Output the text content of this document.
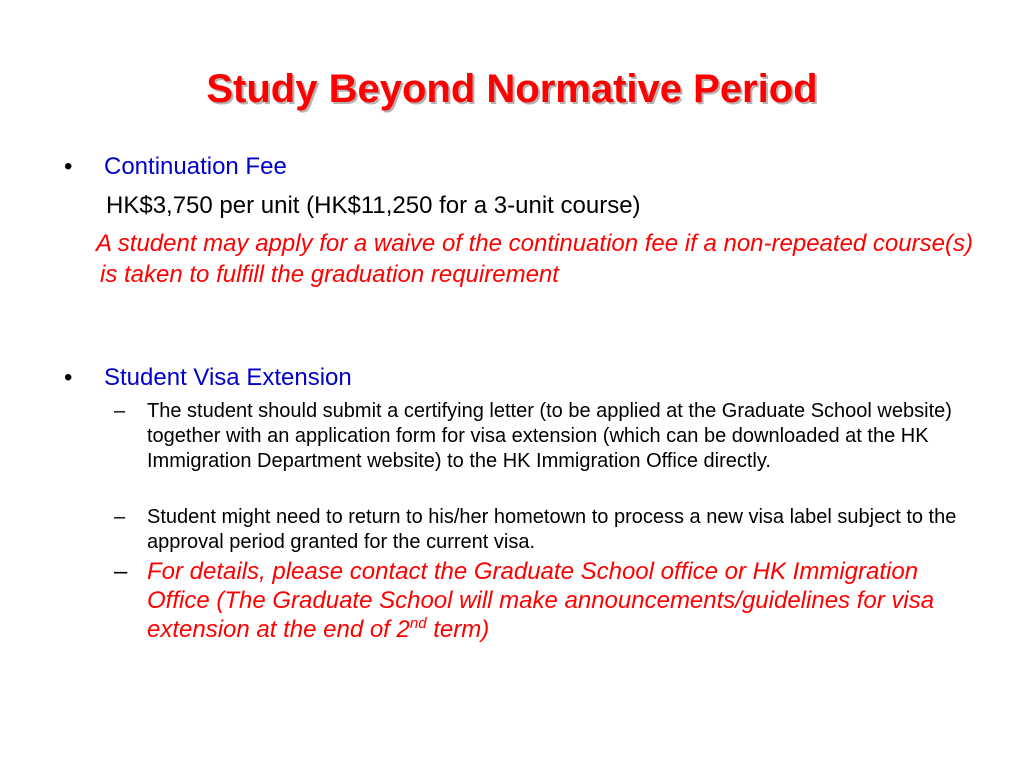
Study Beyond Normative Period
•	Continuation Fee
HK$3,750 per unit (HK$11,250 for a 3-unit course)
A student may apply for a waive of the continuation fee if a non-repeated course(s) is taken to fulfill the graduation requirement
•	Student Visa Extension
–	The student should submit a certifying letter (to be applied at the Graduate School website) together with an application form for visa extension (which can be downloaded at the HK Immigration Department website) to the HK Immigration Office directly.
–	Student might need to return to his/her hometown to process a new visa label subject to the approval period granted for the current visa.
– For details, please contact the Graduate School office or HK Immigration Office (The Graduate School will make announcements/guidelines for visa extension at the end of 2nd term)
